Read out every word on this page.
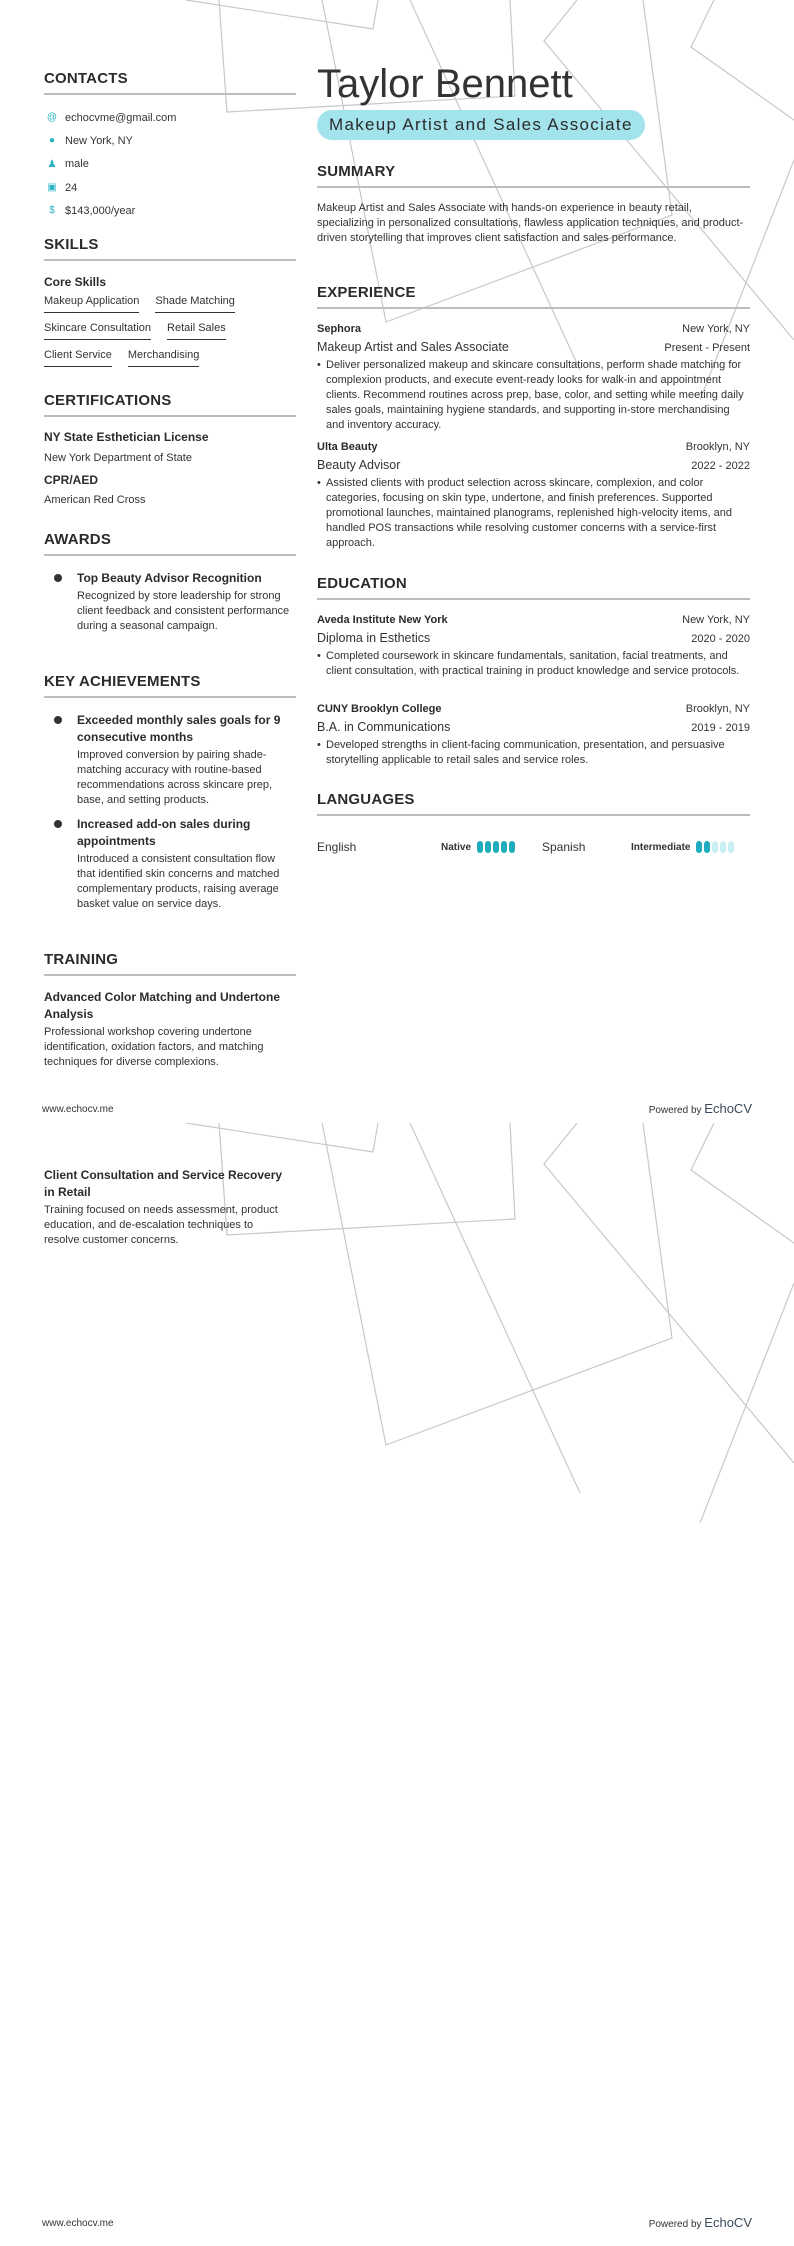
Taylor Bennett
Makeup Artist and Sales Associate
CONTACTS
@ echocvme@gmail.com
● New York, NY
♟ male
▣ 24
$ $143,000/year
SKILLS
Core Skills
Makeup Application Shade Matching
Skincare Consultation Retail Sales
Client Service Merchandising
CERTIFICATIONS
NY State Esthetician License
New York Department of State
CPR/AED
American Red Cross
AWARDS
Top Beauty Advisor Recognition
Recognized by store leadership for strong client feedback and consistent performance during a seasonal campaign.
KEY ACHIEVEMENTS
Exceeded monthly sales goals for 9 consecutive months
Improved conversion by pairing shade-matching accuracy with routine-based recommendations across skincare prep, base, and setting products.
Increased add-on sales during appointments
Introduced a consistent consultation flow that identified skin concerns and matched complementary products, raising average basket value on service days.
TRAINING
Advanced Color Matching and Undertone Analysis
Professional workshop covering undertone identification, oxidation factors, and matching techniques for diverse complexions.
SUMMARY
Makeup Artist and Sales Associate with hands-on experience in beauty retail, specializing in personalized consultations, flawless application techniques, and product-driven storytelling that improves client satisfaction and sales performance.
EXPERIENCE
Sephora	New York, NY
Makeup Artist and Sales Associate	Present - Present
• Deliver personalized makeup and skincare consultations, perform shade matching for complexion products, and execute event-ready looks for walk-in and appointment clients. Recommend routines across prep, base, color, and setting while meeting daily sales goals, maintaining hygiene standards, and supporting in-store merchandising and inventory accuracy.
Ulta Beauty	Brooklyn, NY
Beauty Advisor	2022 - 2022
• Assisted clients with product selection across skincare, complexion, and color categories, focusing on skin type, undertone, and finish preferences. Supported promotional launches, maintained planograms, replenished high-velocity items, and handled POS transactions while resolving customer concerns with a service-first approach.
EDUCATION
Aveda Institute New York	New York, NY
Diploma in Esthetics	2020 - 2020
• Completed coursework in skincare fundamentals, sanitation, facial treatments, and client consultation, with practical training in product knowledge and service protocols.
CUNY Brooklyn College	Brooklyn, NY
B.A. in Communications	2019 - 2019
• Developed strengths in client-facing communication, presentation, and persuasive storytelling applicable to retail sales and service roles.
LANGUAGES
English	Native	Spanish	Intermediate
www.echocv.me	Powered by EchoCV
Client Consultation and Service Recovery in Retail
Training focused on needs assessment, product education, and de-escalation techniques to resolve customer concerns.
www.echocv.me	Powered by EchoCV
